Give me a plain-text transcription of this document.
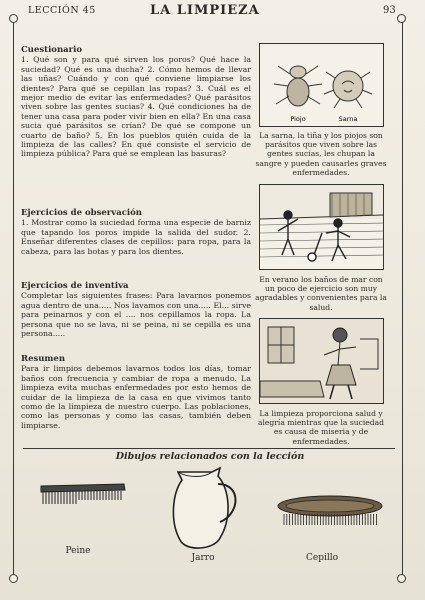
LECCIÓN 45	LA LIMPIEZA	93

Cuestionario

1. Qué son y para qué sirven los poros? Qué hace la suciedad? Qué es una ducha? 2. Cómo hemos de llevar las uñas? Cuándo y con qué conviene limpiarse los dientes? Para qué se cepillan las ropas? 3. Cuál es el mejor medio de evitar las enfermedades? Qué parásitos viven sobre las gentes sucias? 4. Qué condiciones ha de tener una casa para poder vivir bien en ella? En una casa sucia qué parásitos se crían? De qué se compone un cuarto de baño? 5. En los pueblos quién cuida de la limpieza de las calles? En qué consiste el servicio de limpieza pública? Para qué se emplean las basuras?

Ejercicios de observación

1. Mostrar como la suciedad forma una especie de barniz que tapando los poros impide la salida del sudor. 2. Enseñar diferentes clases de cepillos: para ropa, para la cabeza, para las botas y para los dientes.

Ejercicios de inventiva

Completar las siguientes frases: Para lavarnos ponemos agua dentro de una..... Nos lavamos con una..... El... sirve para peinarnos y con el .... nos cepillamos la ropa. La persona que no se lava, ni se peina, ni se cepilla es una persona.....

Resumen

Para ir limpios debemos lavarnos todos los días, tomar baños con frecuencia y cambiar de ropa a menudo. La limpieza evita muchas enfermedades por esto hemos de cuidar de la limpieza de la casa en que vivimos tanto como de la limpieza de nuestro cuerpo. Las poblaciones, como las personas y como las casas, también deben limpiarse.

Piojo	Sarna
La sarna, la tiña y los piojos son parásitos que viven sobre las gentes sucias, les chupan la sangre y pueden causarles graves enfermedades.
En verano los baños de mar con un poco de ejercicio son muy agradables y convenientes para la salud.
La limpieza proporciona salud y alegría mientras que la suciedad es causa de miseria y de enfermedades.
Dibujos relacionados con la lección
Peine
Jarro	Cepillo
